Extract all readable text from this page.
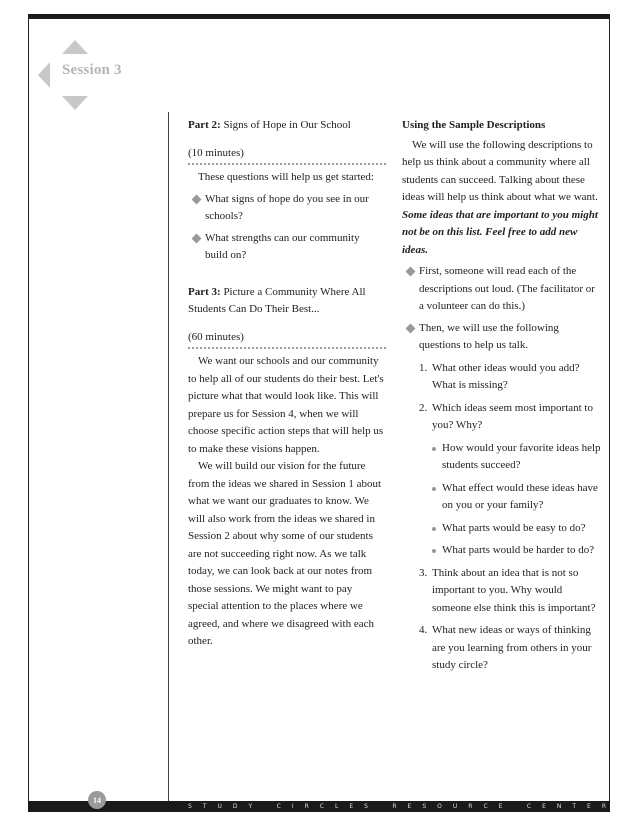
Session 3
Part 2: Signs of Hope in Our School
(10 minutes)
These questions will help us get started:
What signs of hope do you see in our schools?
What strengths can our community build on?
Part 3: Picture a Community Where All Students Can Do Their Best...
(60 minutes)
We want our schools and our community to help all of our students do their best. Let's picture what that would look like. This will prepare us for Session 4, when we will choose specific action steps that will help us to make these visions happen.
We will build our vision for the future from the ideas we shared in Session 1 about what we want our graduates to know. We will also work from the ideas we shared in Session 2 about why some of our students are not succeeding right now. As we talk today, we can look back at our notes from those sessions. We might want to pay special attention to the places where we agreed, and where we disagreed with each other.
Using the Sample Descriptions
We will use the following descriptions to help us think about a community where all students can succeed. Talking about these ideas will help us think about what we want. Some ideas that are important to you might not be on this list. Feel free to add new ideas.
First, someone will read each of the descriptions out loud. (The facilitator or a volunteer can do this.)
Then, we will use the following questions to help us talk.
1. What other ideas would you add? What is missing?
2. Which ideas seem most important to you? Why?
How would your favorite ideas help students succeed?
What effect would these ideas have on you or your family?
What parts would be easy to do?
What parts would be harder to do?
3. Think about an idea that is not so important to you. Why would someone else think this is important?
4. What new ideas or ways of thinking are you learning from others in your study circle?
S T U D Y	C I R C L E S	R E S O U R C E	C E N T E R
14
